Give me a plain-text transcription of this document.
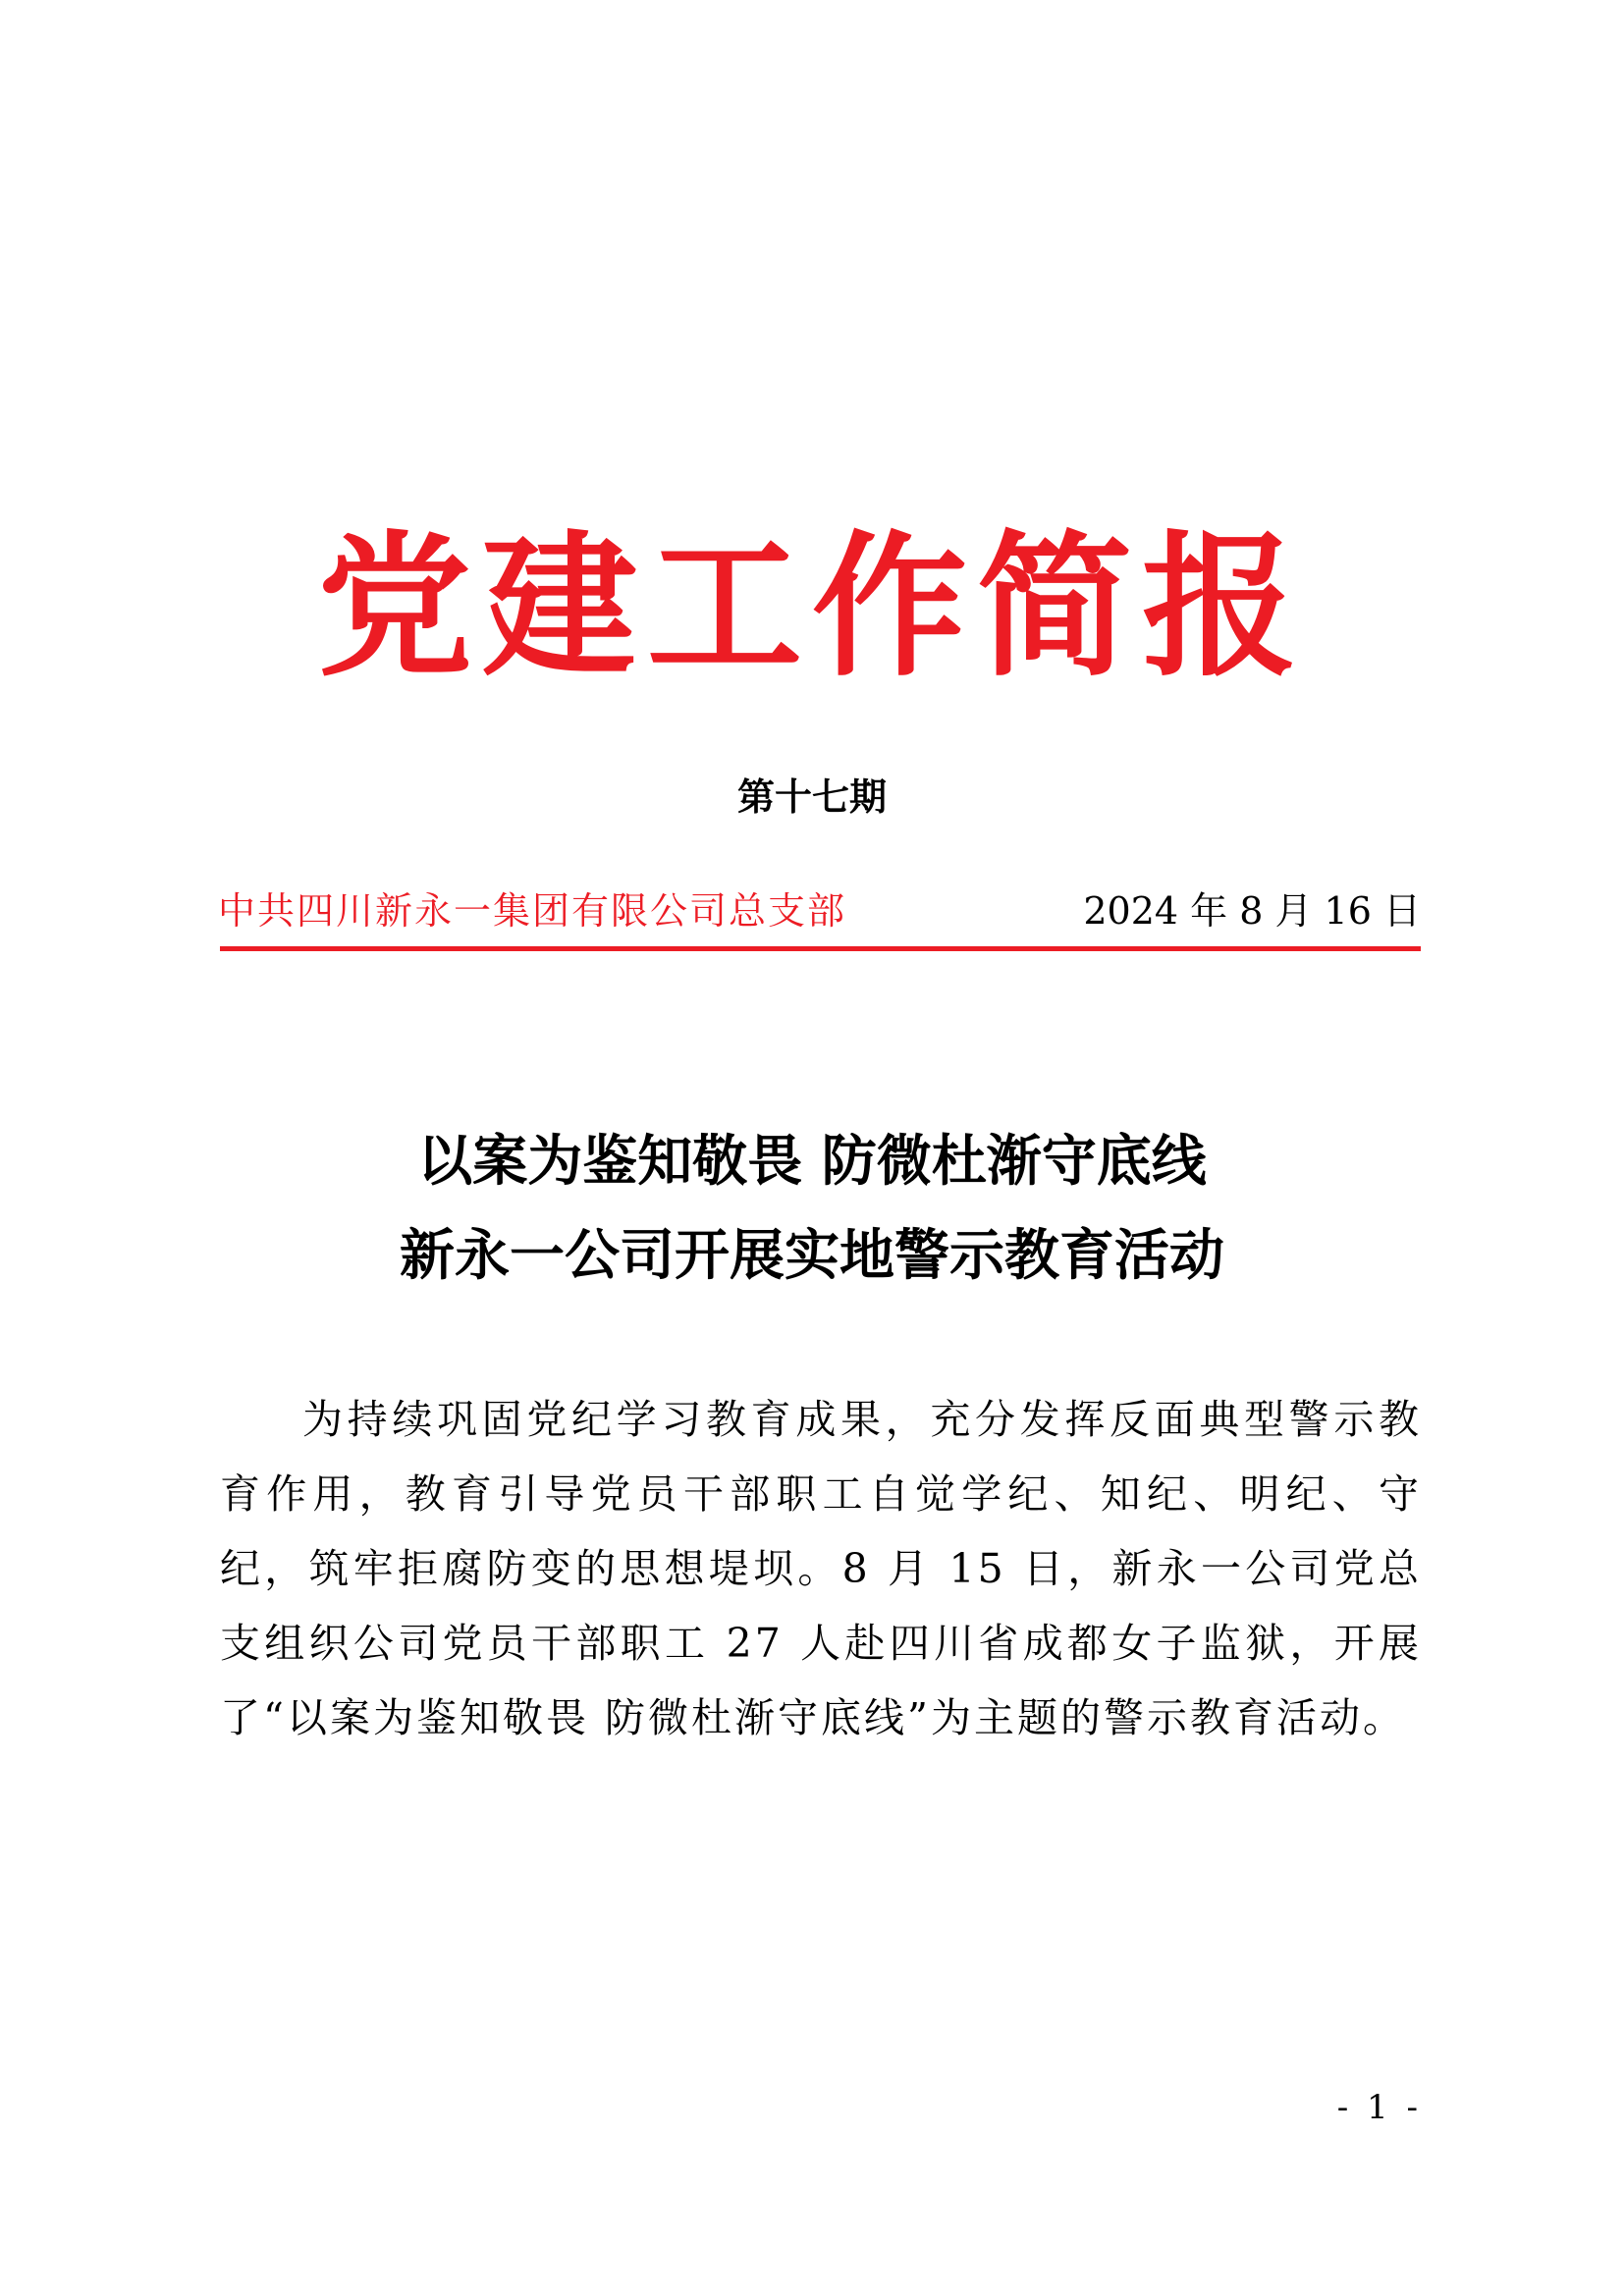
党建工作简报
第十七期
中共四川新永一集团有限公司总支部	2024 年 8 月 16 日
以案为鉴知敬畏 防微杜渐守底线
新永一公司开展实地警示教育活动

为持续巩固党纪学习教育成果，充分发挥反面典型警示教育作用，教育引导党员干部职工自觉学纪、知纪、明纪、守纪，筑牢拒腐防变的思想堤坝。8 月 15 日，新永一公司党总支组织公司党员干部职工 27 人赴四川省成都女子监狱，开展了“以案为鉴知敬畏 防微杜渐守底线”为主题的警示教育活动。

- 1 -
